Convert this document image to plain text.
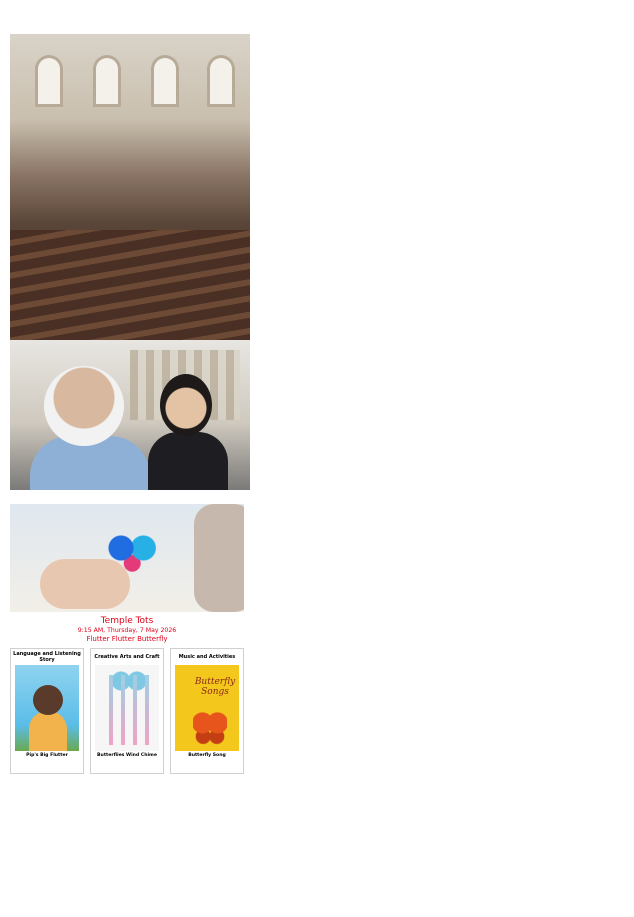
Temple Tots

9:15 AM, Thursday, 7 May 2026

Flutter Flutter Butterfly

Language and Listening Story
Pip's Big Flutter
Creative Arts and Craft
Butterflies Wind Chime
Music and Activities
Butterfly Songs
Butterfly Song
